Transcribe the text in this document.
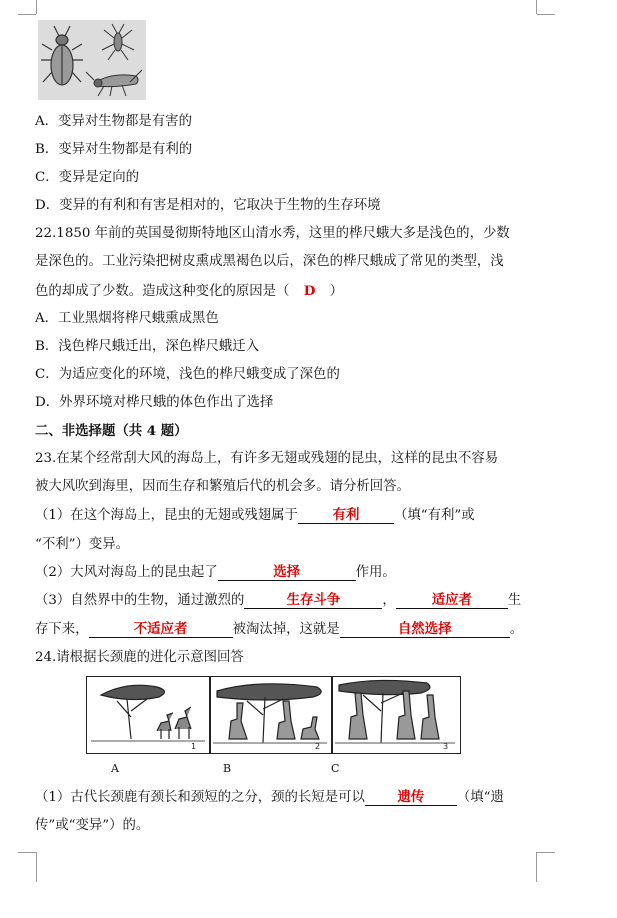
A．变异对生物都是有害的
B．变异对生物都是有利的
C．变异是定向的
D．变异的有利和有害是相对的，它取决于生物的生存环境
22.1850 年前的英国曼彻斯特地区山清水秀，这里的桦尺蛾大多是浅色的，少数
是深色的。工业污染把树皮熏成黑褐色以后，深色的桦尺蛾成了常见的类型，浅
色的却成了少数。造成这种变化的原因是（ D ）
A．工业黑烟将桦尺蛾熏成黑色
B．浅色桦尺蛾迁出，深色桦尺蛾迁入
C．为适应变化的环境，浅色的桦尺蛾变成了深色的
D．外界环境对桦尺蛾的体色作出了选择
二、非选择题（共 4 题）
23.在某个经常刮大风的海岛上，有许多无翅或残翅的昆虫，这样的昆虫不容易
被大风吹到海里，因而生存和繁殖后代的机会多。请分析回答。
（1）在这个海岛上，昆虫的无翅或残翅属于	有利	（填“有利”或
“不利”）变异。
（2）大风对海岛上的昆虫起了	选择	作用。
（3）自然界中的生物，通过激烈的	生存斗争	，	适应者	生
存下来，	不适应者	被淘汰掉，这就是	自然选择	。
24.请根据长颈鹿的进化示意图回答
1	2	3
A	B	C
（1）古代长颈鹿有颈长和颈短的之分，颈的长短是可以 遗传 （填“遗
传”或“变异”）的。
